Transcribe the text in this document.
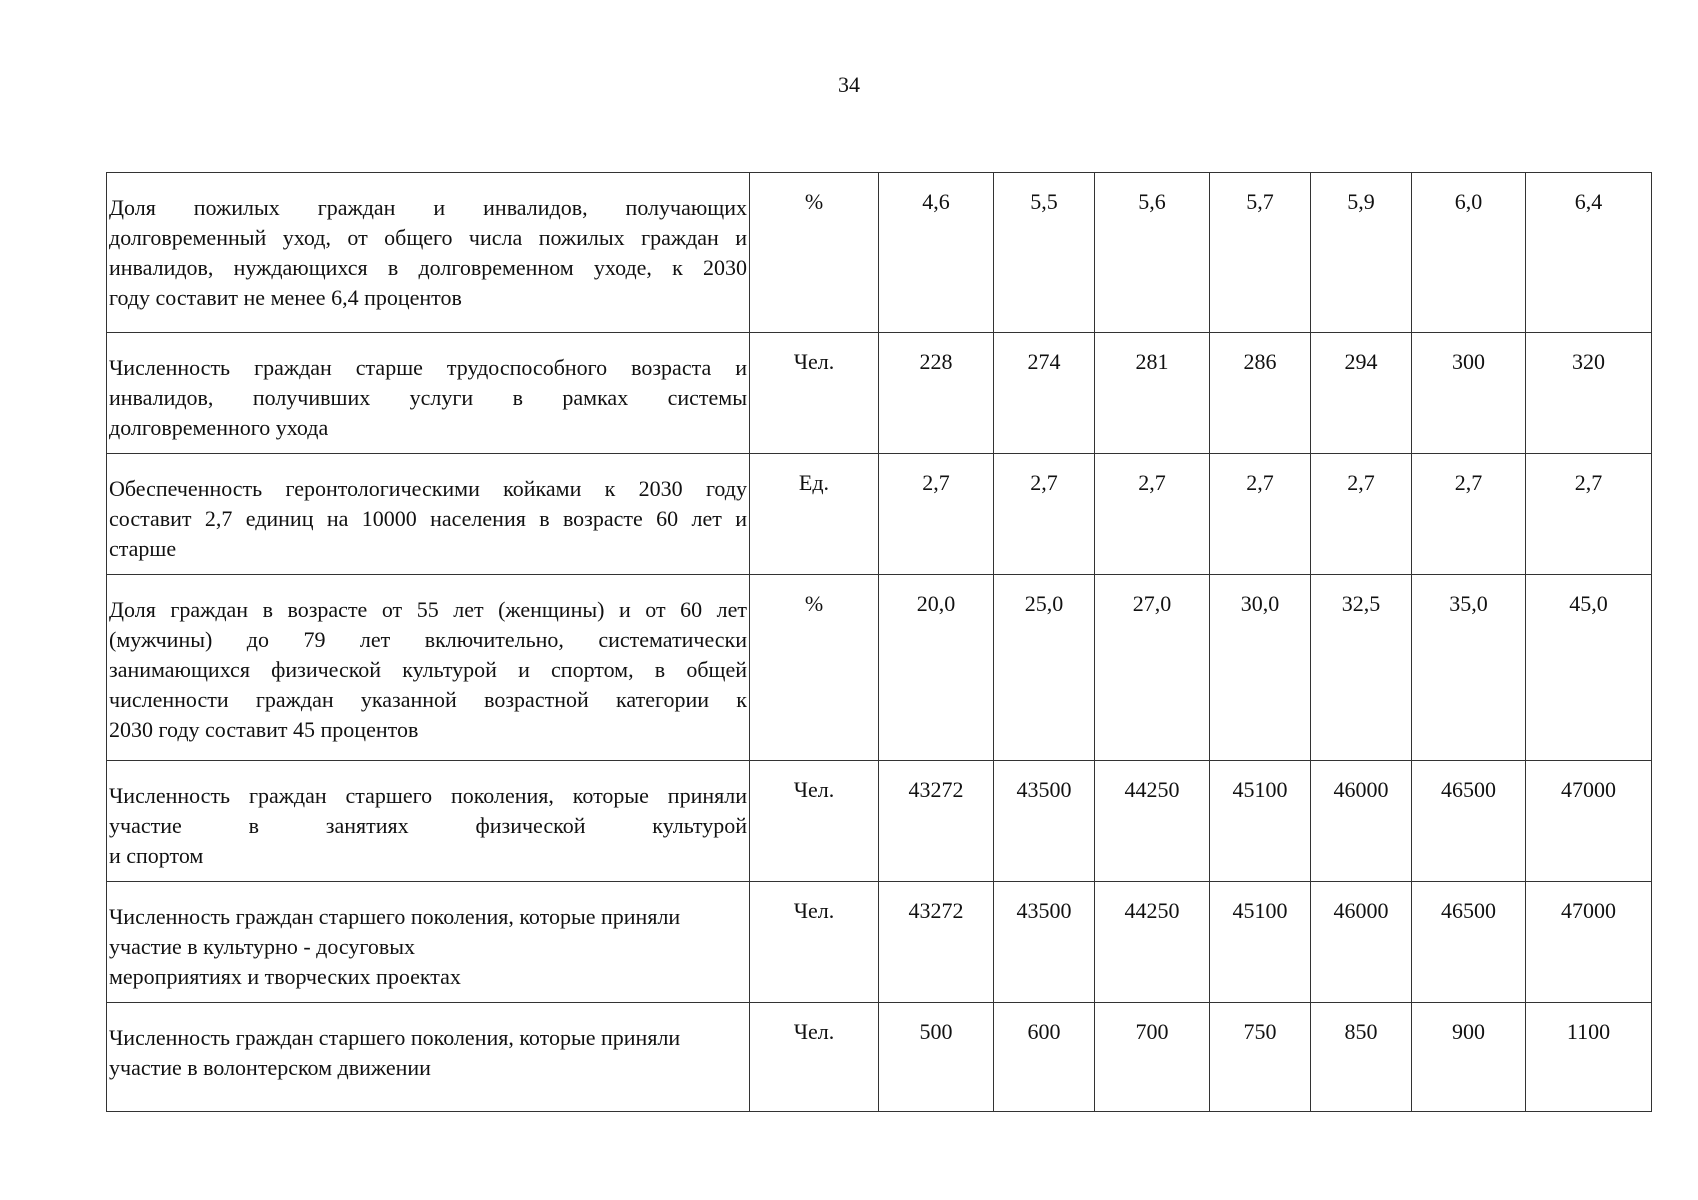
34
Доля пожилых граждан и инвалидов, получающих
долговременный уход, от общего числа пожилых граждан и
инвалидов, нуждающихся в долговременном уходе, к 2030
году составит не менее 6,4 процентов	%	4,6	5,5	5,6	5,7	5,9	6,0	6,4

Численность граждан старше трудоспособного возраста и
инвалидов, получивших услуги в рамках системы
долговременного ухода	Чел.	228	274	281	286	294	300	320

Обеспеченность геронтологическими койками к 2030 году
составит 2,7 единиц на 10000 населения в возрасте 60 лет и
старше	Ед.	2,7	2,7	2,7	2,7	2,7	2,7	2,7

Доля граждан в возрасте от 55 лет (женщины) и от 60 лет
(мужчины) до 79 лет включительно, систематически
занимающихся физической культурой и спортом, в общей
численности граждан указанной возрастной категории к
2030 году составит 45 процентов	%	20,0	25,0	27,0	30,0	32,5	35,0	45,0

Численность граждан старшего поколения, которые приняли
участие в занятиях физической культурой
и спортом	Чел.	43272	43500	44250	45100	46000	46500	47000

Численность граждан старшего поколения, которые приняли
участие в культурно - досуговых
мероприятиях и творческих проектах	Чел.	43272	43500	44250	45100	46000	46500	47000

Численность граждан старшего поколения, которые приняли
участие в волонтерском движении	Чел.	500	600	700	750	850	900	1100
